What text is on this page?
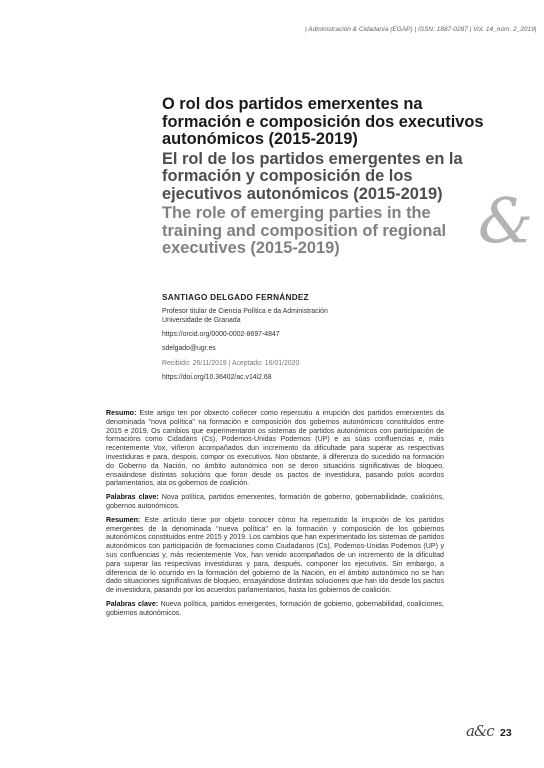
| Administración & Cidadanía (EGAP) | ISSN: 1887-0287 | Vol. 14_núm. 2_2019|
O rol dos partidos emerxentes na formación e composición dos executivos autonómicos (2015-2019)
El rol de los partidos emergentes en la formación y composición de los ejecutivos autonómicos (2015-2019)
The role of emerging parties in the training and composition of regional executives (2015-2019)	&

SANTIAGO DELGADO FERNÁNDEZ

Profesor titular de Ciencia Política e da Administración

Universidade de Granada

https://orcid.org/0000-0002-8697-4847

sdelgado@ugr.es

Recibido: 26/11/2019 | Aceptado: 16/01/2020

https://doi.org/10.36402/ac.v14i2.68

Resumo: Este artigo ten por obxecto coñecer como repercutiu a irrupción dos partidos emerxentes da denominada "nova política" na formación e composición dos gobernos autonómicos constituídos entre 2015 e 2019. Os cambios que experimentaron os sistemas de partidos autonómicos con participación de formacións como Cidadáns (Cs), Podemos-Unidas Podemos (UP) e as súas confluencias e, máis recentemente Vox, viñeron acompañados dun incremento da dificultade para superar as respectivas investiduras e para, despois, compor os executivos. Non obstante, á diferenza do sucedido na formación do Goberno da Nación, no ámbito autonómico non se deron situacións significativas de bloqueo, ensaiándose distintas solucións que foron desde os pactos de investidura, pasando polos acordos parlamentarios, ata os gobernos de coalición.

Palabras clave: Nova política, partidos emerxentes, formación de goberno, gobernabilidade, coalicións, gobernos autonómicos.

Resumen: Este artículo tiene por objeto conocer cómo ha repercutido la irrupción de los partidos emergentes de la denominada "nueva política" en la formación y composición de los gobiernos autonómicos constituidos entre 2015 y 2019. Los cambios que han experimentado los sistemas de partidos autonómicos con participación de formaciones como Ciudadanos (Cs), Podemos-Unidas Podemos (UP) y sus confluencias y, más recientemente Vox, han venido acompañados de un incremento de la dificultad para superar las respectivas investiduras y para, después, componer los ejecutivos. Sin embargo, a diferencia de lo ocurrido en la formación del gobierno de la Nación, en el ámbito autonómico no se han dado situaciones significativas de bloqueo, ensayándose distintas soluciones que han ido desde los pactos de investidura, pasando por los acuerdos parlamentarios, hasta los gobiernos de coalición.

Palabras clave: Nueva política, partidos emergentes, formación de gobierno, gobernabilidad, coaliciones, gobiernos autonómicos.

a&c 23
